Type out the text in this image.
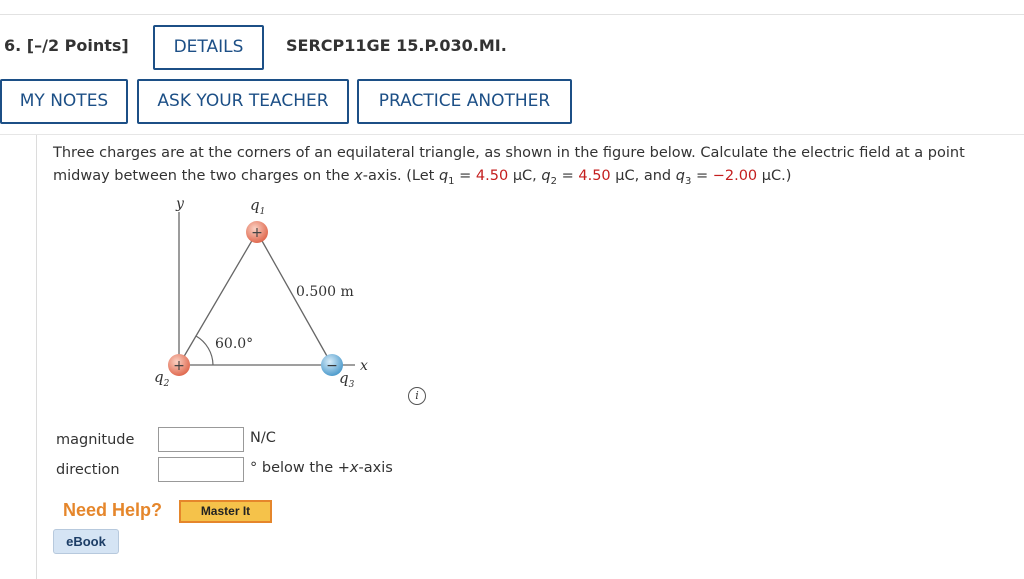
6. [–/2 Points]	DETAILS	SERCP11GE 15.P.030.MI.
MY NOTES	ASK YOUR TEACHER	PRACTICE ANOTHER
Three charges are at the corners of an equilateral triangle, as shown in the figure below. Calculate the electric field at a point midway between the two charges on the x-axis. (Let $q_1 = 4.50$ μC, $q_2 = 4.50$ μC, and $q_3 = -2.00$ μC.)
y
x
60.0°
0.500 m
+
+	−
$q_1$
$q_2$	$q_3$
i
magnitude	N/C
direction	° below the +x-axis
Need Help?	Master It
eBook
